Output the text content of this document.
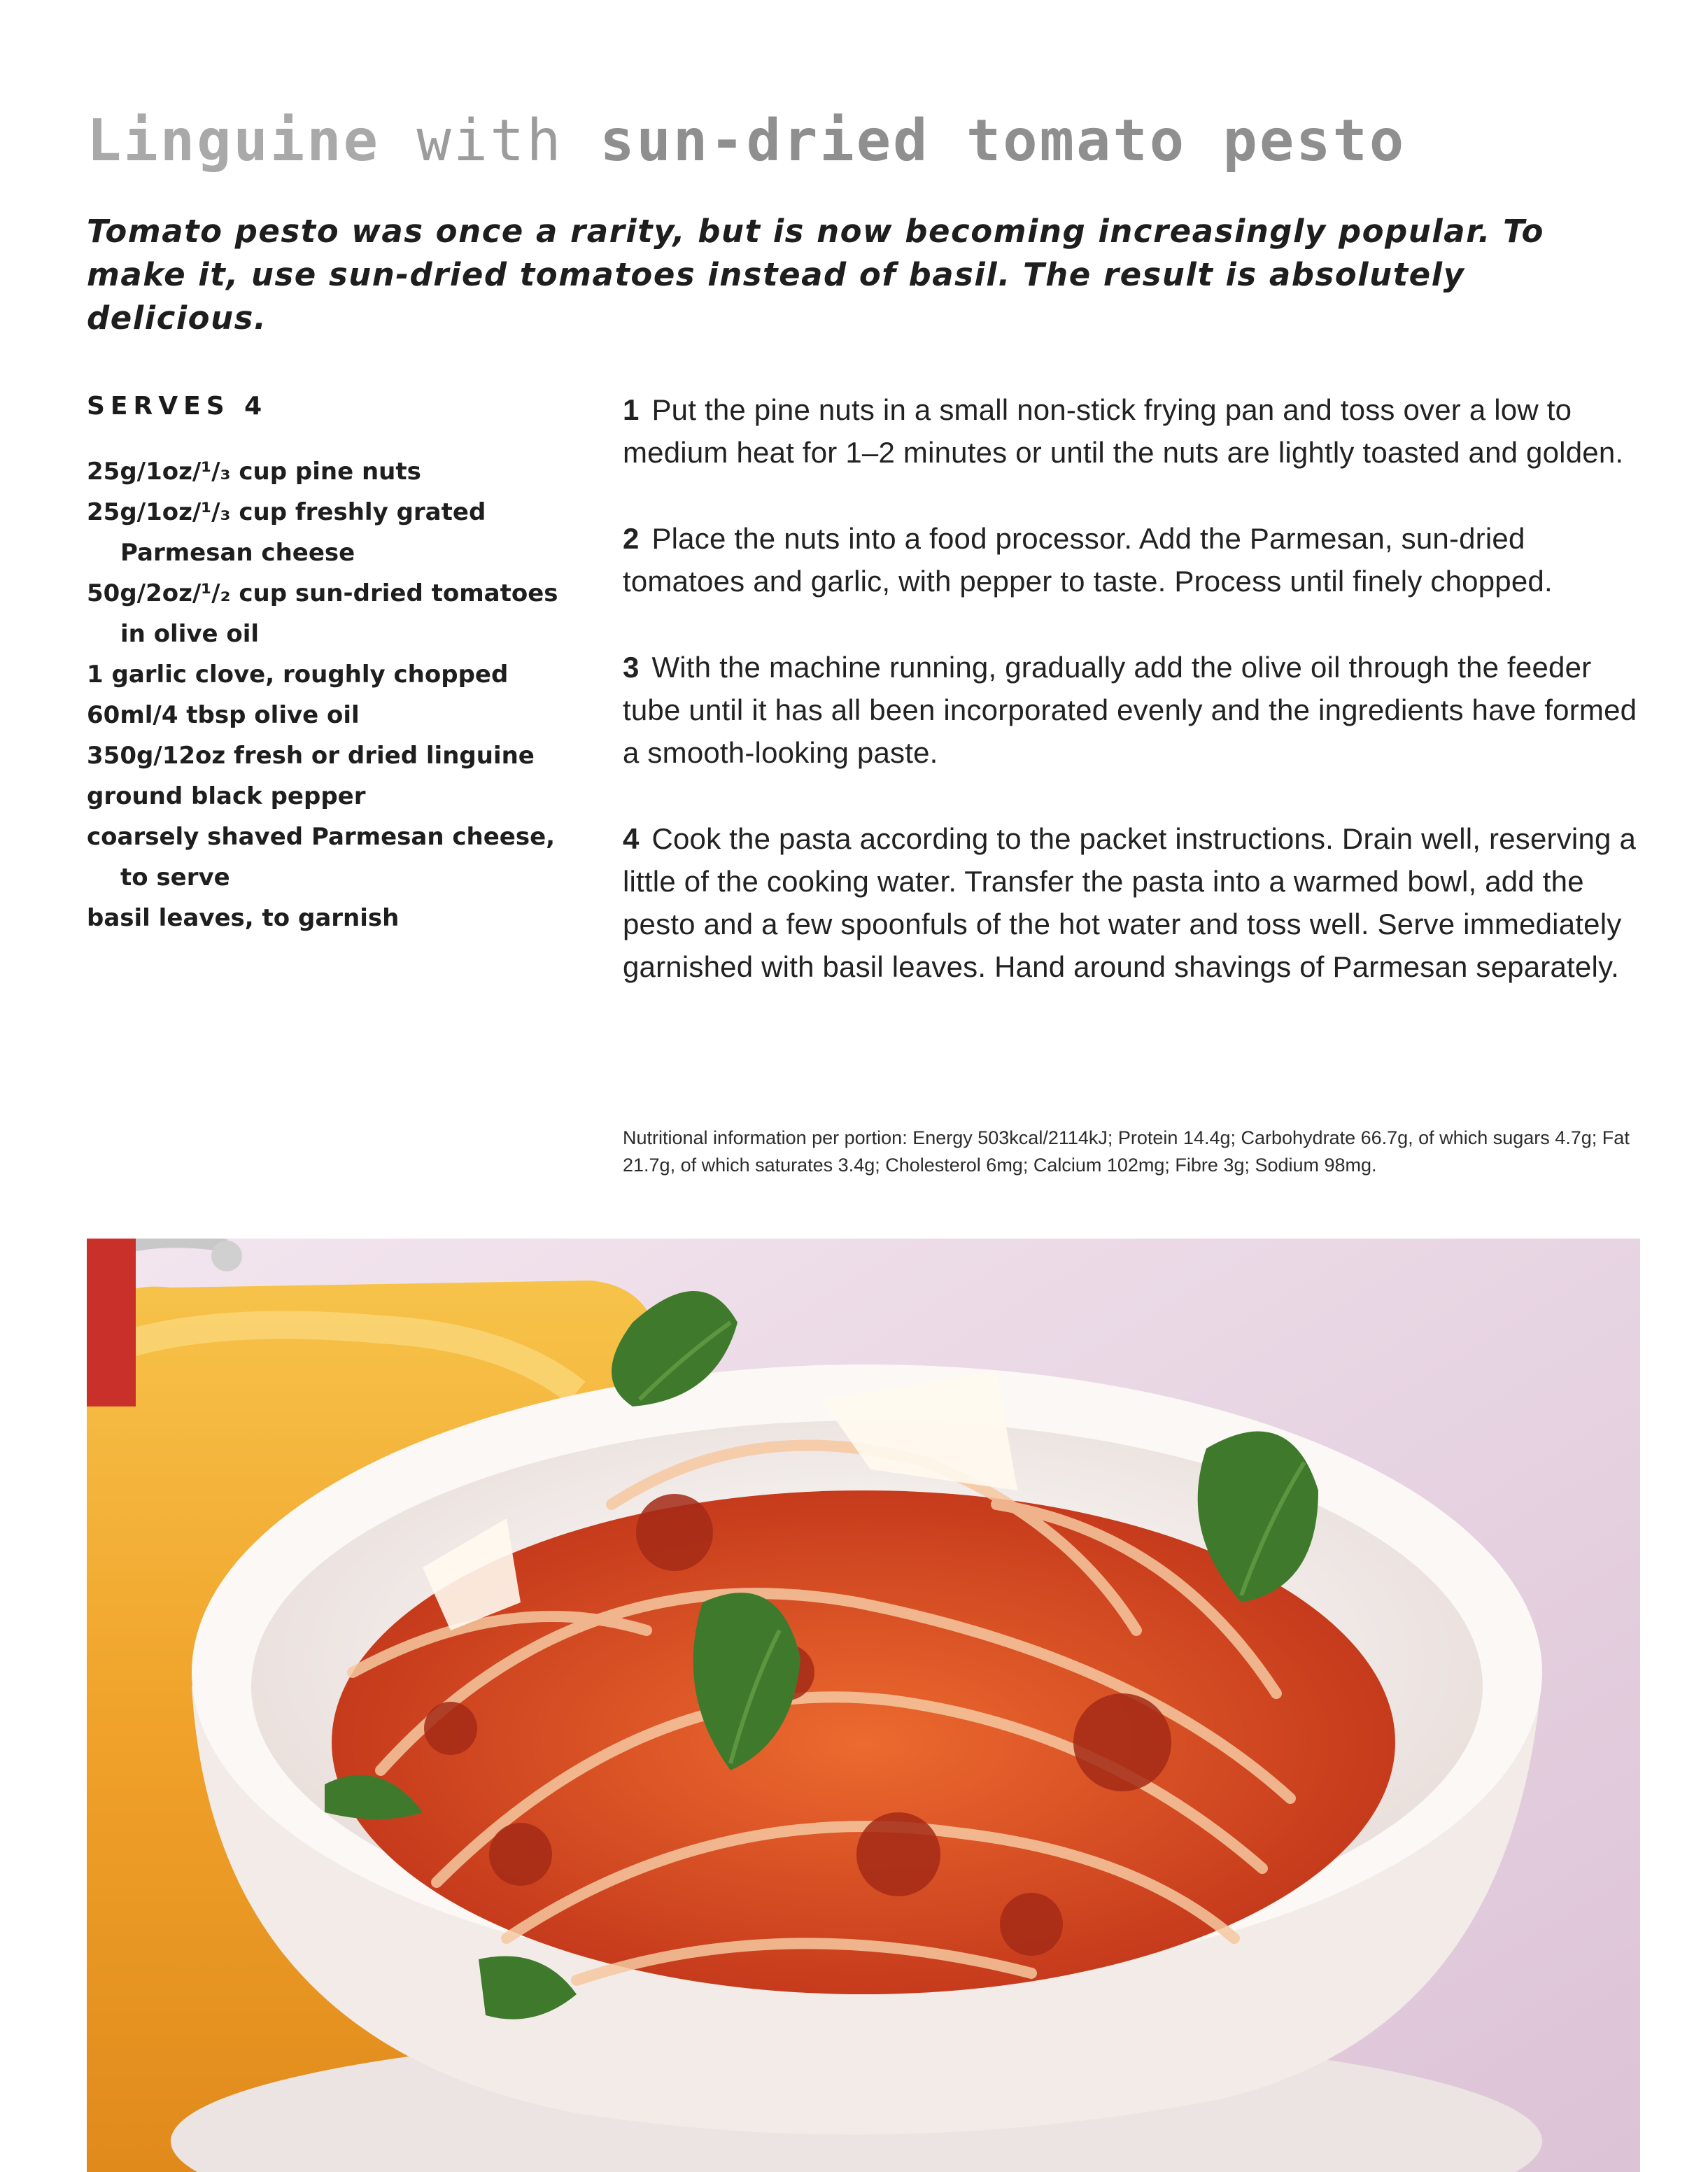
Linguine with sun-dried tomato pesto

Tomato pesto was once a rarity, but is now becoming increasingly popular. To make it, use sun-dried tomatoes instead of basil. The result is absolutely delicious.

SERVES 4
25g/1oz/¹/₃ cup pine nuts
25g/1oz/¹/₃ cup freshly grated
Parmesan cheese
50g/2oz/¹/₂ cup sun-dried tomatoes
in olive oil
1 garlic clove, roughly chopped
60ml/4 tbsp olive oil
350g/12oz fresh or dried linguine
ground black pepper
coarsely shaved Parmesan cheese,
to serve
basil leaves, to garnish

1 Put the pine nuts in a small non-stick frying pan and toss over a low to medium heat for 1–2 minutes or until the nuts are lightly toasted and golden.

2 Place the nuts into a food processor. Add the Parmesan, sun-dried tomatoes and garlic, with pepper to taste. Process until finely chopped.

3 With the machine running, gradually add the olive oil through the feeder tube until it has all been incorporated evenly and the ingredients have formed a smooth-looking paste.

4 Cook the pasta according to the packet instructions. Drain well, reserving a little of the cooking water. Transfer the pasta into a warmed bowl, add the pesto and a few spoonfuls of the hot water and toss well. Serve immediately garnished with basil leaves. Hand around shavings of Parmesan separately.

Nutritional information per portion: Energy 503kcal/2114kJ; Protein 14.4g; Carbohydrate 66.7g, of which sugars 4.7g; Fat 21.7g, of which saturates 3.4g; Cholesterol 6mg; Calcium 102mg; Fibre 3g; Sodium 98mg.
